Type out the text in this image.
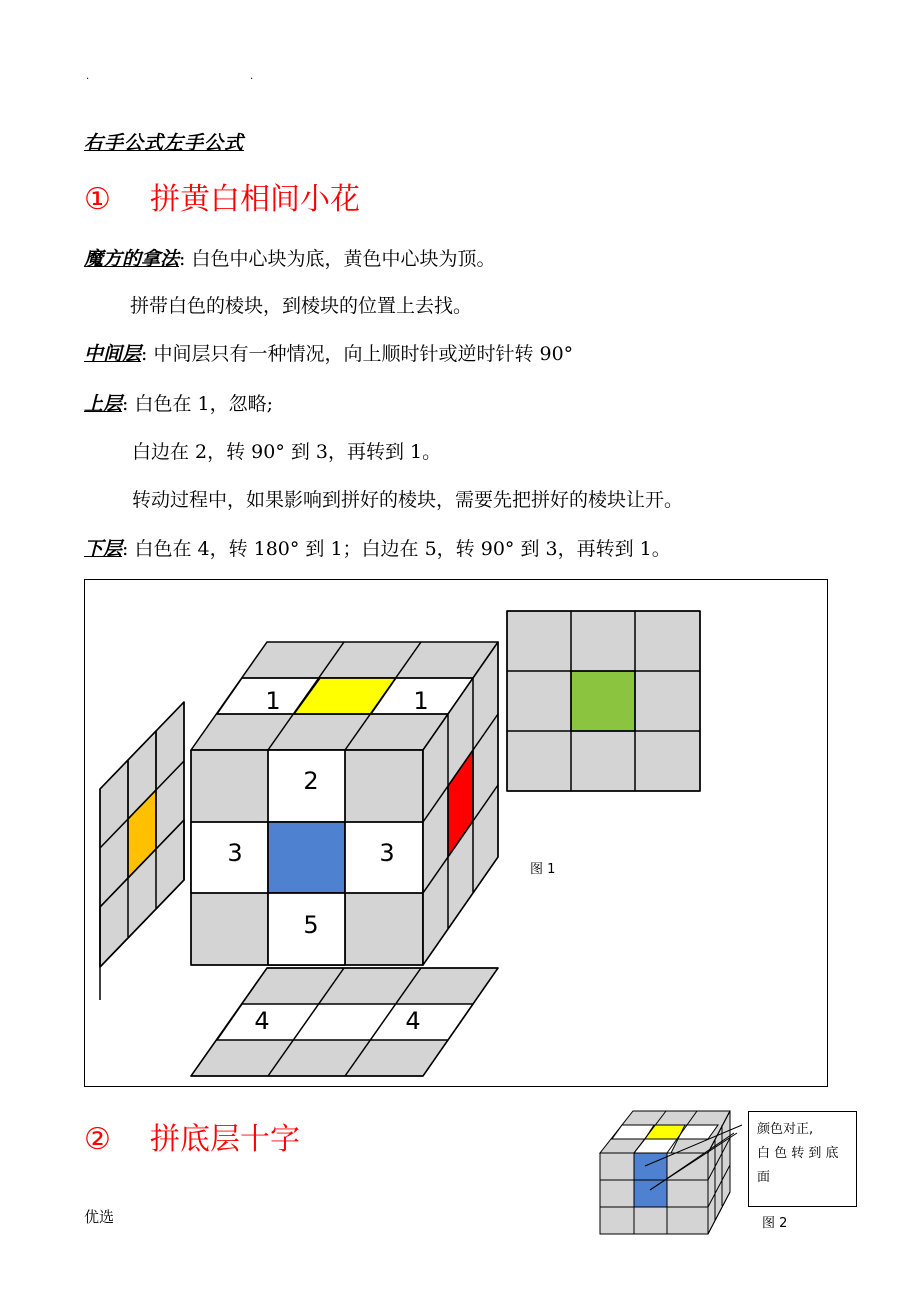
.	.
右手公式左手公式
① 拼黄白相间小花
魔方的拿法: 白色中心块为底，黄色中心块为顶。
拼带白色的棱块，到棱块的位置上去找。
中间层: 中间层只有一种情况，向上顺时针或逆时针转 90°
上层: 白色在 1，忽略;
白边在 2，转 90° 到 3，再转到 1。
转动过程中，如果影响到拼好的棱块，需要先把拼好的棱块让开。
下层: 白色在 4，转 180° 到 1；白边在 5，转 90° 到 3，再转到 1。
1	1
2
3	3
5
4	4
图 1
② 拼底层十字	颜色对正,
白 色 转 到 底
面
图 2
优选
